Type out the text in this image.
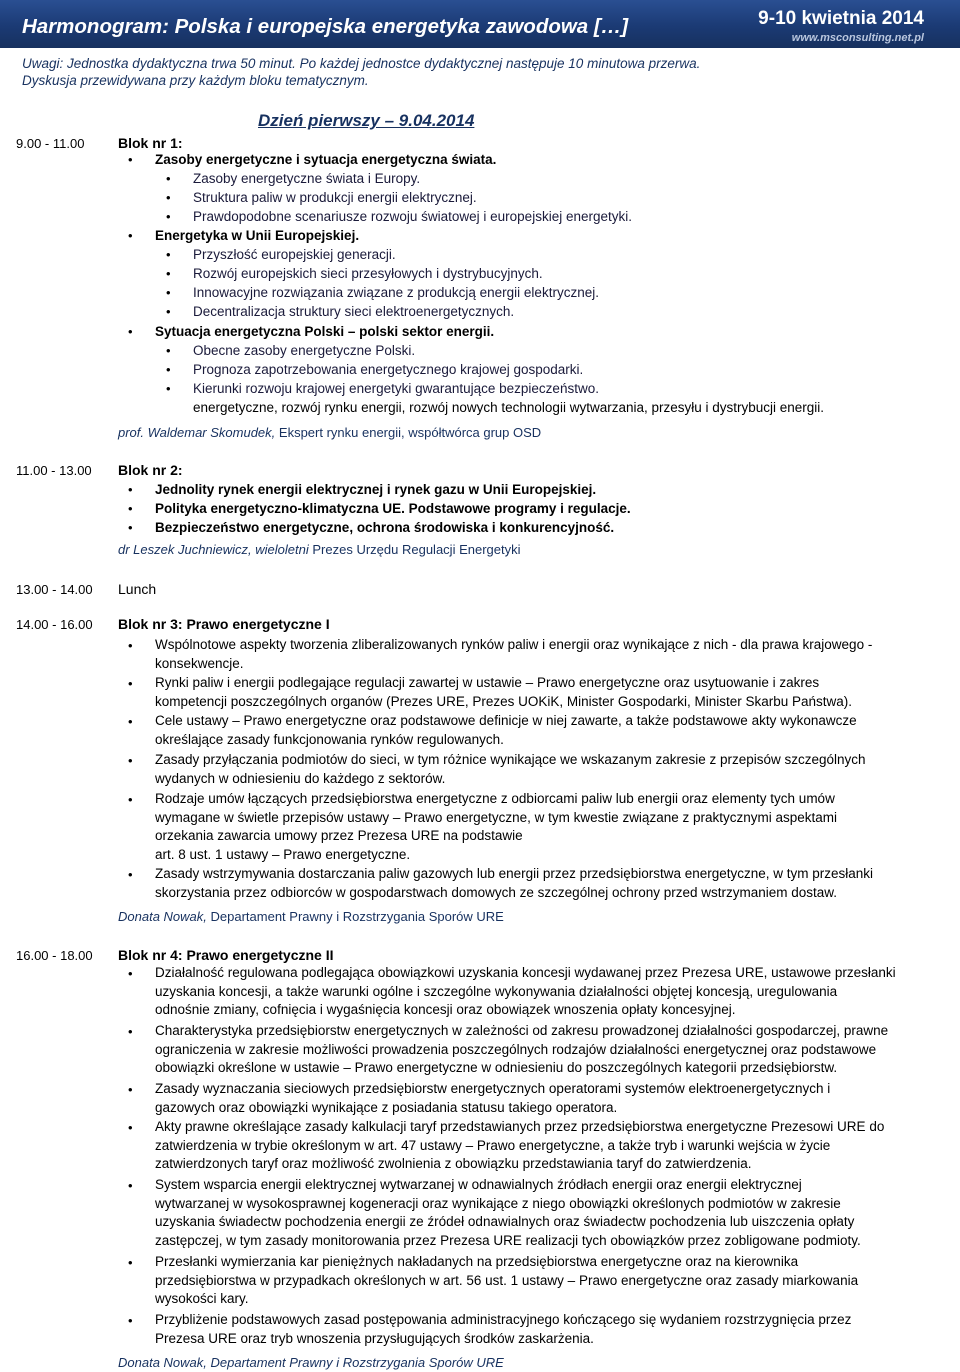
Harmonogram: Polska i europejska energetyka zawodowa […]	9-10 kwietnia 2014
www.msconsulting.net.pl
Uwagi: Jednostka dydaktyczna trwa 50 minut. Po każdej jednostce dydaktycznej następuje 10 minutowa przerwa.
Dyskusja przewidywana przy każdym bloku tematycznym.
Dzień pierwszy – 9.04.2014
9.00 - 11.00 Blok nr 1:
• Zasoby energetyczne i sytuacja energetyczna świata.
• Zasoby energetyczne świata i Europy.
• Struktura paliw w produkcji energii elektrycznej.
• Prawdopodobne scenariusze rozwoju światowej i europejskiej energetyki.
• Energetyka w Unii Europejskiej.
• Przyszłość europejskiej generacji.
• Rozwój europejskich sieci przesyłowych i dystrybucyjnych.
• Innowacyjne rozwiązania związane z produkcją energii elektrycznej.
• Decentralizacja struktury sieci elektroenergetycznych.
• Sytuacja energetyczna Polski – polski sektor energii.
• Obecne zasoby energetyczne Polski.
• Prognoza zapotrzebowania energetycznego krajowej gospodarki.
• Kierunki rozwoju krajowej energetyki gwarantujące bezpieczeństwo.
energetyczne, rozwój rynku energii, rozwój nowych technologii wytwarzania, przesyłu i dystrybucji energii.
prof. Waldemar Skomudek, Ekspert rynku energii, współtwórca grup OSD
11.00 - 13.00 Blok nr 2:
• Jednolity rynek energii elektrycznej i rynek gazu w Unii Europejskiej.
• Polityka energetyczno-klimatyczna UE. Podstawowe programy i regulacje.
• Bezpieczeństwo energetyczne, ochrona środowiska i konkurencyjność.
dr Leszek Juchniewicz, wieloletni Prezes Urzędu Regulacji Energetyki
13.00 - 14.00 Lunch
14.00 - 16.00 Blok nr 3: Prawo energetyczne I
• Wspólnotowe aspekty tworzenia zliberalizowanych rynków paliw i energii oraz wynikające z nich - dla prawa krajowego -
konsekwencje.
• Rynki paliw i energii podlegające regulacji zawartej w ustawie – Prawo energetyczne oraz usytuowanie i zakres
kompetencji poszczególnych organów (Prezes URE, Prezes UOKiK, Minister Gospodarki, Minister Skarbu Państwa).
• Cele ustawy – Prawo energetyczne oraz podstawowe definicje w niej zawarte, a także podstawowe akty wykonawcze
określające zasady funkcjonowania rynków regulowanych.
• Zasady przyłączania podmiotów do sieci, w tym różnice wynikające we wskazanym zakresie z przepisów szczególnych
wydanych w odniesieniu do każdego z sektorów.
• Rodzaje umów łączących przedsiębiorstwa energetyczne z odbiorcami paliw lub energii oraz elementy tych umów
wymagane w świetle przepisów ustawy – Prawo energetyczne, w tym kwestie związane z praktycznymi aspektami
orzekania zawarcia umowy przez Prezesa URE na podstawie
art. 8 ust. 1 ustawy – Prawo energetyczne.
• Zasady wstrzymywania dostarczania paliw gazowych lub energii przez przedsiębiorstwa energetyczne, w tym przesłanki
skorzystania przez odbiorców w gospodarstwach domowych ze szczególnej ochrony przed wstrzymaniem dostaw.
Donata Nowak, Departament Prawny i Rozstrzygania Sporów URE
16.00 - 18.00 Blok nr 4: Prawo energetyczne II
• Działalność regulowana podlegająca obowiązkowi uzyskania koncesji wydawanej przez Prezesa URE, ustawowe przesłanki
uzyskania koncesji, a także warunki ogólne i szczególne wykonywania działalności objętej koncesją, uregulowania
odnośnie zmiany, cofnięcia i wygaśnięcia koncesji oraz obowiązek wnoszenia opłaty koncesyjnej.
• Charakterystyka przedsiębiorstw energetycznych w zależności od zakresu prowadzonej działalności gospodarczej, prawne
ograniczenia w zakresie możliwości prowadzenia poszczególnych rodzajów działalności energetycznej oraz podstawowe
obowiązki określone w ustawie – Prawo energetyczne w odniesieniu do poszczególnych kategorii przedsiębiorstw.
• Zasady wyznaczania sieciowych przedsiębiorstw energetycznych operatorami systemów elektroenergetycznych i
gazowych oraz obowiązki wynikające z posiadania statusu takiego operatora.
• Akty prawne określające zasady kalkulacji taryf przedstawianych przez przedsiębiorstwa energetyczne Prezesowi URE do
zatwierdzenia w trybie określonym w art. 47 ustawy – Prawo energetyczne, a także tryb i warunki wejścia w życie
zatwierdzonych taryf oraz możliwość zwolnienia z obowiązku przedstawiania taryf do zatwierdzenia.
• System wsparcia energii elektrycznej wytwarzanej w odnawialnych źródłach energii oraz energii elektrycznej
wytwarzanej w wysokosprawnej kogeneracji oraz wynikające z niego obowiązki określonych podmiotów w zakresie
uzyskania świadectw pochodzenia energii ze źródeł odnawialnych oraz świadectw pochodzenia lub uiszczenia opłaty
zastępczej, w tym zasady monitorowania przez Prezesa URE realizacji tych obowiązków przez zobligowane podmioty.
• Przesłanki wymierzania kar pieniężnych nakładanych na przedsiębiorstwa energetyczne oraz na kierownika
przedsiębiorstwa w przypadkach określonych w art. 56 ust. 1 ustawy – Prawo energetyczne oraz zasady miarkowania
wysokości kary.
• Przybliżenie podstawowych zasad postępowania administracyjnego kończącego się wydaniem rozstrzygnięcia przez
Prezesa URE oraz tryb wnoszenia przysługujących środków zaskarżenia.
Donata Nowak, Departament Prawny i Rozstrzygania Sporów URE
